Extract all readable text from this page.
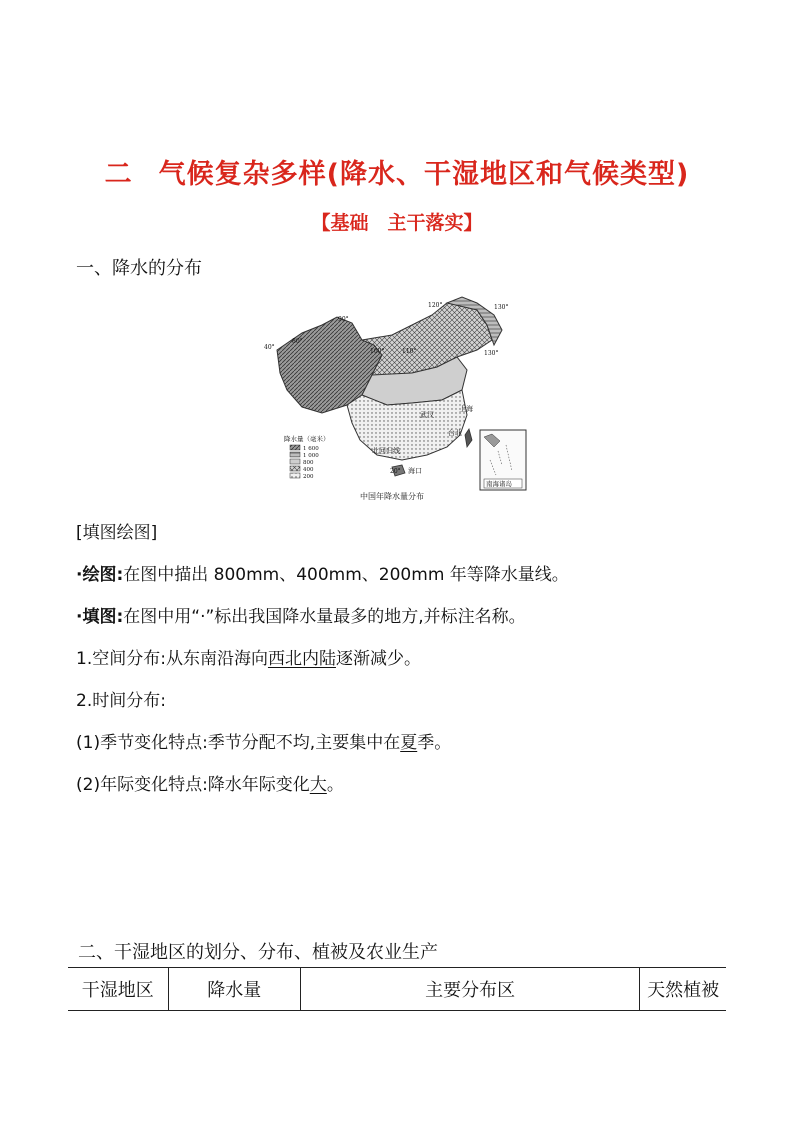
二 气候复杂多样(降水、干湿地区和气候类型)
【基础　主干落实】
一、降水的分布
上海
武汉
台北
海口
北回归线
120°	130°
90°
100°	110°
80°
40°
20°
130°
降水量（毫米）
1 600
1 000
800
400
200
南海诸岛
中国年降水量分布
[填图绘图]
·绘图:在图中描出 800mm、400mm、200mm 年等降水量线。
·填图:在图中用“·”标出我国降水量最多的地方,并标注名称。
1.空间分布:从东南沿海向西北内陆逐渐减少。
2.时间分布:
(1)季节变化特点:季节分配不均,主要集中在夏季。
(2)年际变化特点:降水年际变化大。
二、干湿地区的划分、分布、植被及农业生产
干湿地区	降水量	主要分布区	天然植被
